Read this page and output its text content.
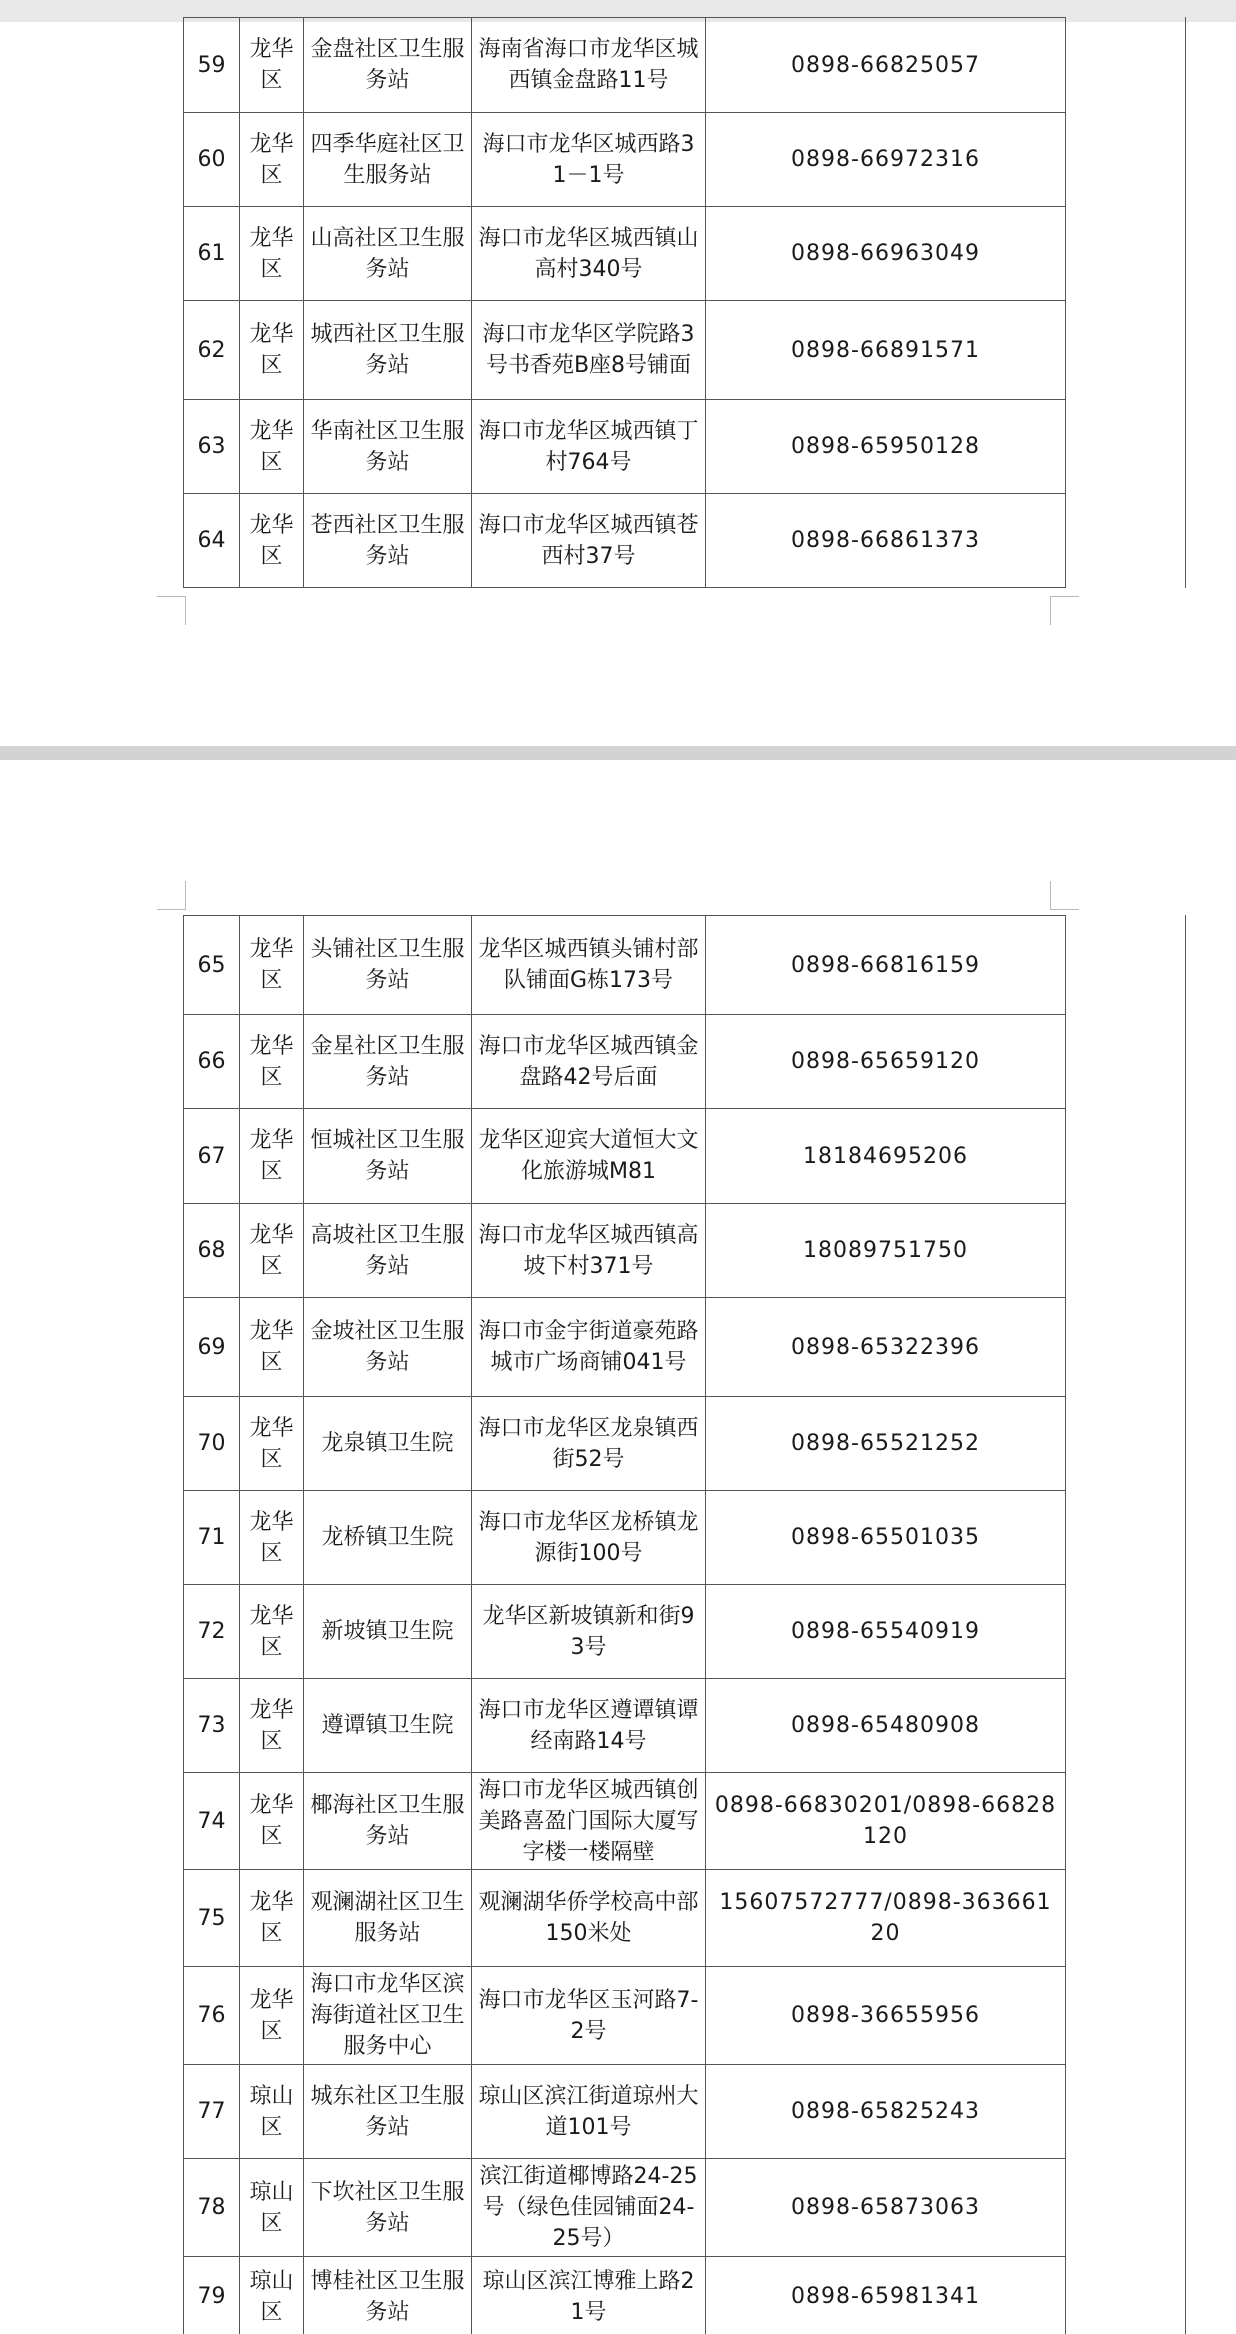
59	龙华区	金盘社区卫生服务站	海南省海口市龙华区城西镇金盘路11号	0898-66825057	
60	龙华区	四季华庭社区卫生服务站	海口市龙华区城西路31－1号	0898-66972316	
61	龙华区	山高社区卫生服务站	海口市龙华区城西镇山高村340号	0898-66963049	
62	龙华区	城西社区卫生服务站	海口市龙华区学院路3号书香苑B座8号铺面	0898-66891571	
63	龙华区	华南社区卫生服务站	海口市龙华区城西镇丁村764号	0898-65950128	
64	龙华区	苍西社区卫生服务站	海口市龙华区城西镇苍西村37号	0898-66861373	
65	龙华区	头铺社区卫生服务站	龙华区城西镇头铺村部队铺面G栋173号	0898-66816159	
66	龙华区	金星社区卫生服务站	海口市龙华区城西镇金盘路42号后面	0898-65659120	
67	龙华区	恒城社区卫生服务站	龙华区迎宾大道恒大文化旅游城M81	18184695206	
68	龙华区	高坡社区卫生服务站	海口市龙华区城西镇高坡下村371号	18089751750	
69	龙华区	金坡社区卫生服务站	海口市金宇街道豪苑路城市广场商铺041号	0898-65322396	
70	龙华区	龙泉镇卫生院	海口市龙华区龙泉镇西街52号	0898-65521252	
71	龙华区	龙桥镇卫生院	海口市龙华区龙桥镇龙源街100号	0898-65501035	
72	龙华区	新坡镇卫生院	龙华区新坡镇新和街93号	0898-65540919	
73	龙华区	遵谭镇卫生院	海口市龙华区遵谭镇谭经南路14号	0898-65480908	
74	龙华区	椰海社区卫生服务站	海口市龙华区城西镇创美路喜盈门国际大厦写字楼一楼隔壁	0898-66830201/0898-66828120	
75	龙华区	观澜湖社区卫生服务站	观澜湖华侨学校高中部150米处	15607572777/0898-36366120	
76	龙华区	海口市龙华区滨海街道社区卫生服务中心	海口市龙华区玉河路7-2号	0898-36655956	
77	琼山区	城东社区卫生服务站	琼山区滨江街道琼州大道101号	0898-65825243	
78	琼山区	下坎社区卫生服务站	滨江街道椰博路24-25号（绿色佳园铺面24-25号）	0898-65873063	
79	琼山区	博桂社区卫生服务站	琼山区滨江博雅上路21号	0898-65981341	
